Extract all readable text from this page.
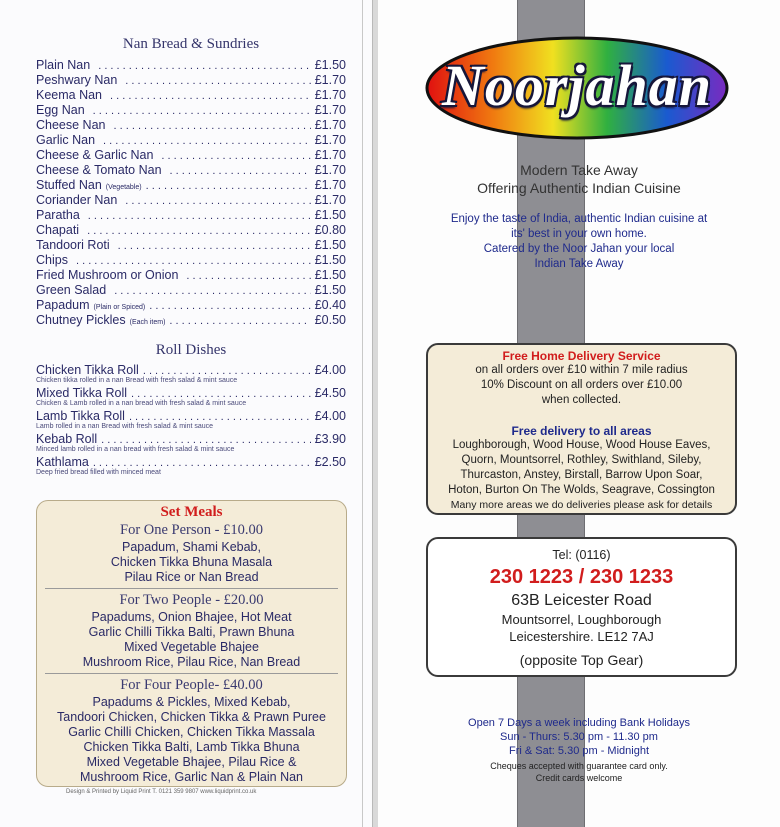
Nan Bread & Sundries
Plain Nan . . .	£1.50
Peshwary Nan . . .	£1.70
Keema Nan . . .	£1.70
Egg Nan . . .	£1.70
Cheese Nan . . .	£1.70
Garlic Nan . . .	£1.70
Cheese & Garlic Nan . . .	£1.70
Cheese & Tomato Nan . . .	£1.70
Stuffed Nan (Vegetable) . . .	£1.70
Coriander Nan . . .	£1.70
Paratha . . .	£1.50
Chapati . . .	£0.80
Tandoori Roti . . .	£1.50
Chips . . .	£1.50
Fried Mushroom or Onion . . .	£1.50
Green Salad . . .	£1.50
Papadum (Plain or Spiced) . . .	£0.40
Chutney Pickles (Each item) . . .	£0.50
Roll Dishes
Chicken Tikka Roll . . .	£4.00
Chicken tikka rolled in a nan Bread with fresh salad & mint sauce
Mixed Tikka Roll . . .	£4.50
Chicken & Lamb rolled in a nan bread with fresh salad & mint sauce
Lamb Tikka Roll . . .	£4.00
Lamb rolled in a nan Bread with fresh salad & mint sauce
Kebab Roll . . .	£3.90
Minced lamb rolled in a nan bread with fresh salad & mint sauce
Kathlama . . .	£2.50
Deep fried bread filled with minced meat
Set Meals
For One Person - £10.00
Papadum, Shami Kebab,
Chicken Tikka Bhuna Masala
Pilau Rice or Nan Bread
For Two People - £20.00
Papadums, Onion Bhajee, Hot Meat
Garlic Chilli Tikka Balti, Prawn Bhuna
Mixed Vegetable Bhajee
Mushroom Rice, Pilau Rice, Nan Bread
For Four People- £40.00
Papadums & Pickles, Mixed Kebab,
Tandoori Chicken, Chicken Tikka & Prawn Puree
Garlic Chilli Chicken, Chicken Tikka Massala
Chicken Tikka Balti, Lamb Tikka Bhuna
Mixed Vegetable Bhajee, Pilau Rice &
Mushroom Rice, Garlic Nan & Plain Nan
Design & Printed by Liquid Print T. 0121 359 9807 www.liquidprint.co.uk
Noorjahan
Modern Take Away
Offering Authentic Indian Cuisine
Enjoy the taste of India, authentic Indian cuisine at
its' best in your own home.
Catered by the Noor Jahan your local
Indian Take Away
Free Home Delivery Service
on all orders over £10 within 7 mile radius
10% Discount on all orders over £10.00
when collected.
Free delivery to all areas
Loughborough, Wood House, Wood House Eaves,
Quorn, Mountsorrel, Rothley, Swithland, Sileby,
Thurcaston, Anstey, Birstall, Barrow Upon Soar,
Hoton, Burton On The Wolds, Seagrave, Cossington
Many more areas we do deliveries please ask for details
Tel: (0116)
230 1223 / 230 1233
63B Leicester Road
Mountsorrel, Loughborough
Leicestershire. LE12 7AJ
(opposite Top Gear)
Open 7 Days a week including Bank Holidays
Sun - Thurs: 5.30 pm - 11.30 pm
Fri & Sat: 5.30 pm - Midnight
Cheques accepted with guarantee card only.
Credit cards welcome
